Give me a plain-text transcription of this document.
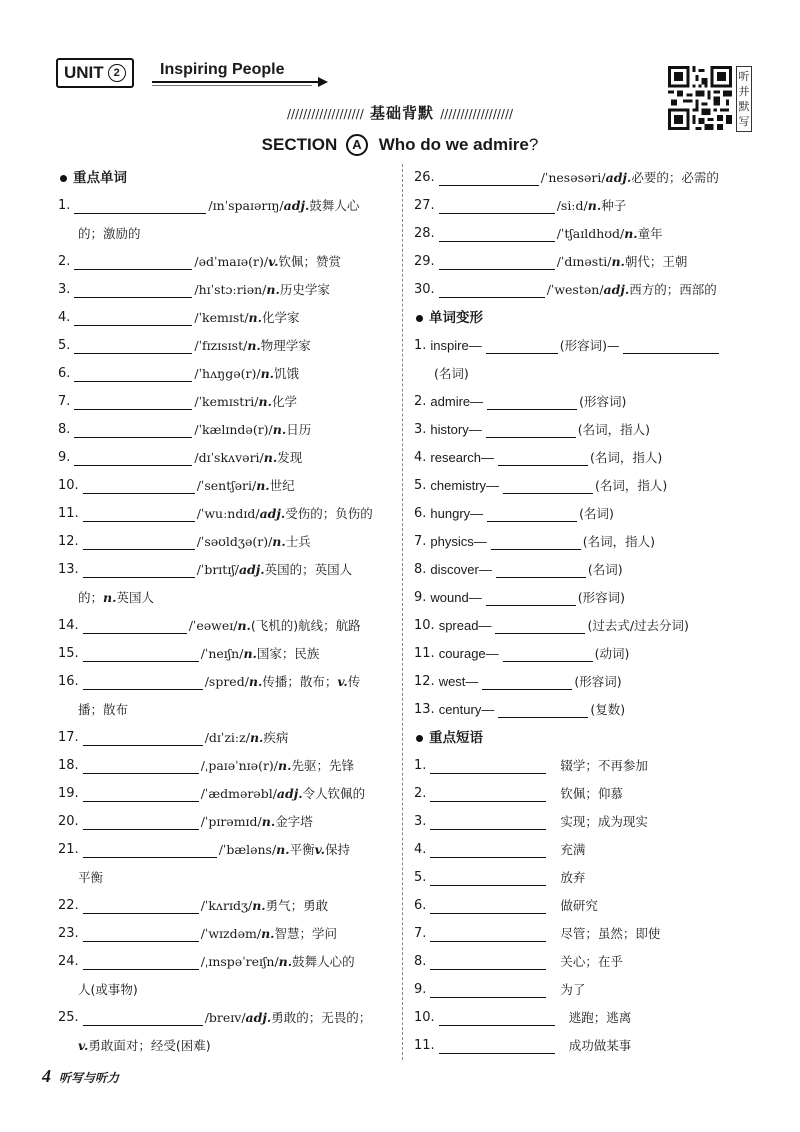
UNIT 2	Inspiring People	听
并
默
写
/////////////////// 基础背默 //////////////////
SECTION A Who do we admire?
重点单词
1.	/ɪnˈspaɪərɪŋ/ adj. 鼓舞人心
的；激励的
2.	/ədˈmaɪə(r)/ v. 钦佩；赞赏
3.	/hɪˈstɔːriən/ n. 历史学家
4.	/ˈkemɪst/ n. 化学家
5.	/ˈfɪzɪsɪst/ n. 物理学家
6.	/ˈhʌŋgə(r)/ n. 饥饿
7.	/ˈkemɪstri/ n. 化学
8.	/ˈkælɪndə(r)/ n. 日历
9.	/dɪˈskʌvəri/ n. 发现
10.	/ˈsentʃəri/ n. 世纪
11.	/ˈwuːndɪd/ adj. 受伤的；负伤的
12.	/ˈsəʊldʒə(r)/ n. 士兵
13.	/ˈbrɪtɪʃ/ adj. 英国的；英国人
的； n. 英国人
14.	/ˈeəweɪ/ n. (飞机的)航线；航路
15.	/ˈneɪʃn/ n. 国家；民族
16.	/spred/ n. 传播；散布； v. 传
播；散布
17.	/dɪˈziːz/ n. 疾病
18.	/ˌpaɪəˈnɪə(r)/ n. 先驱；先锋
19.	/ˈædmərəbl/ adj. 令人钦佩的
20.	/ˈpɪrəmɪd/ n. 金字塔
21.	/ˈbæləns/ n. 平衡 v. 保持
平衡
22.	/ˈkʌrɪdʒ/ n. 勇气；勇敢
23.	/ˈwɪzdəm/ n. 智慧；学问
24.	/ˌɪnspəˈreɪʃn/ n. 鼓舞人心的
人(或事物)
25.	/breɪv/ adj. 勇敢的；无畏的；
v. 勇敢面对；经受(困难)
26.	/ˈnesəsəri/ adj. 必要的；必需的
27.	/siːd/ n. 种子
28.	/ˈtʃaɪldhʊd/ n. 童年
29.	/ˈdɪnəsti/ n. 朝代；王朝
30.	/ˈwestən/ adj. 西方的；西部的
单词变形
1. inspire—	(形容词)—
(名词)
2. admire—	(形容词)
3. history—	(名词，指人)
4. research—	(名词，指人)
5. chemistry—	(名词，指人)
6. hungry—	(名词)
7. physics—	(名词，指人)
8. discover—	(名词)
9. wound—	(形容词)
10. spread—	(过去式/过去分词)
11. courage—	(动词)
12. west—	(形容词)
13. century—	(复数)
重点短语
1.	辍学；不再参加
2.	钦佩；仰慕
3.	实现；成为现实
4.	充满
5.	放弃
6.	做研究
7.	尽管；虽然；即使
8.	关心；在乎
9.	为了
10.	逃跑；逃离
11.	成功做某事
4 听写与听力
